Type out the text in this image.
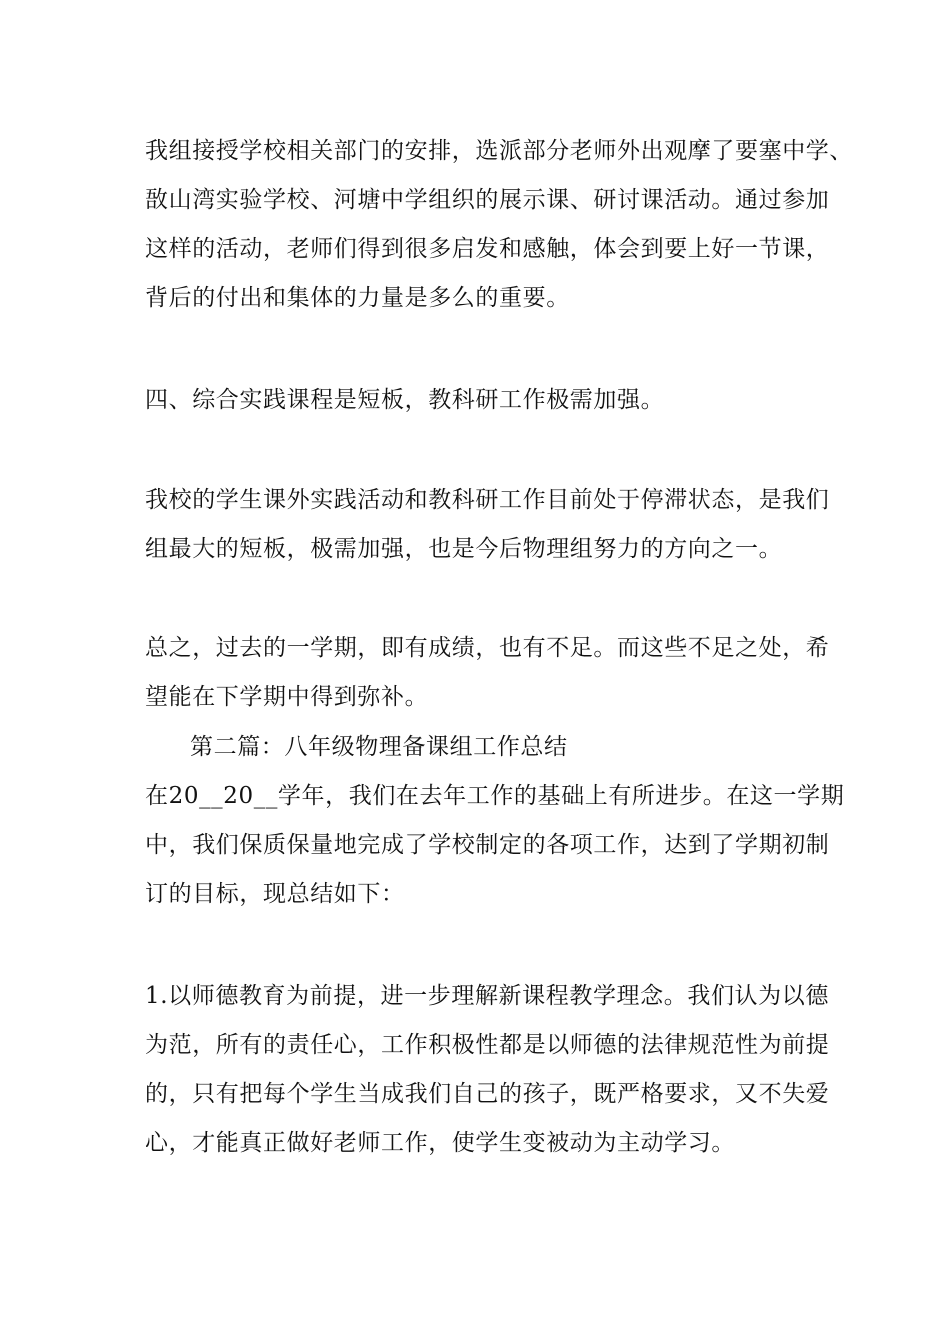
我组接授学校相关部门的安排，选派部分老师外出观摩了要塞中学、

敔山湾实验学校、河塘中学组织的展示课、研讨课活动。通过参加

这样的活动，老师们得到很多启发和感触，体会到要上好一节课，

背后的付出和集体的力量是多么的重要。

四、综合实践课程是短板，教科研工作极需加强。

我校的学生课外实践活动和教科研工作目前处于停滞状态，是我们

组最大的短板，极需加强，也是今后物理组努力的方向之一。

总之，过去的一学期，即有成绩，也有不足。而这些不足之处，希

望能在下学期中得到弥补。

第二篇：八年级物理备课组工作总结

在20__20__学年，我们在去年工作的基础上有所进步。在这一学期

中，我们保质保量地完成了学校制定的各项工作，达到了学期初制

订的目标，现总结如下：

1.以师德教育为前提，进一步理解新课程教学理念。我们认为以德

为范，所有的责任心，工作积极性都是以师德的法律规范性为前提

的，只有把每个学生当成我们自己的孩子，既严格要求，又不失爱

心，才能真正做好老师工作，使学生变被动为主动学习。
